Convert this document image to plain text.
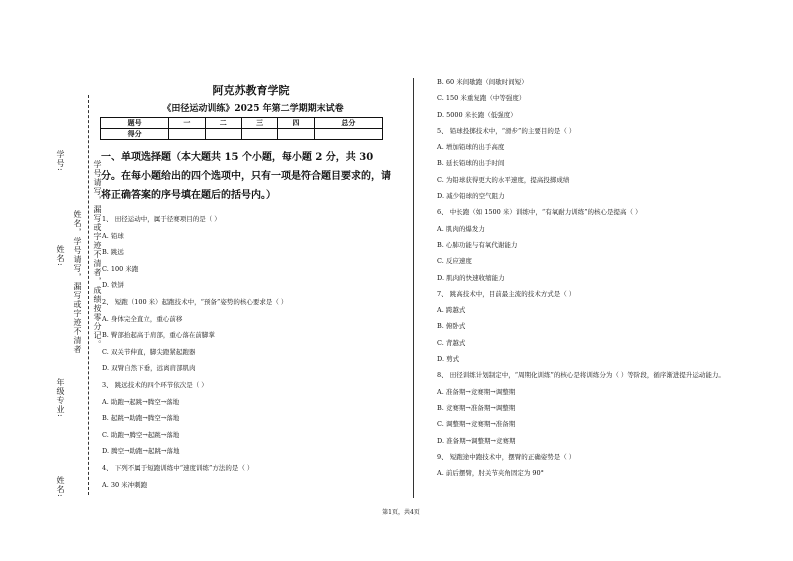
学号:
姓名:
年级专业:
姓名:
学号请写，漏写或字迹不清者，成绩按零分记。
姓名，学号请写，漏写或字迹不清者
阿克苏教育学院
《田径运动训练》2025 年第二学期期末试卷
题号	一	二	三	四	总分
得分					
一、单项选择题（本大题共 15 个小题，每小题 2 分，共 30 分。在每小题给出的四个选项中，只有一项是符合题目要求的，请将正确答案的序号填在题后的括号内。）

1、 田径运动中，属于径赛项目的是（ ）

A. 铅球

B. 跳远

C. 100 米跑

D. 铁饼

2、 短跑（100 米）起跑技术中，“预备”姿势的核心要求是（ ）

A. 身体完全直立，重心前移

B. 臀部抬起高于肩部，重心落在前脚掌

C. 双关节伸直，脚尖蹬紧起跑器

D. 双臂自然下垂，远离肩部肌肉

3、 跳远技术的四个环节依次是（ ）

A. 助跑→起跳→腾空→落地

B. 起跳→助跑→腾空→落地

C. 助跑→腾空→起跳→落地

D. 腾空→助跑→起跳→落地

4、 下列不属于短跑训练中“速度训练”方法的是（ ）

A. 30 米冲刺跑

B. 60 米间歇跑（间歇时间短）

C. 150 米重复跑（中等强度）

D. 5000 米长跑（低强度）

5、 铅球投掷技术中，“滑步”的主要目的是（ ）

A. 增加铅球的出手高度

B. 延长铅球的出手时间

C. 为铅球获得更大的水平速度，提高投掷成绩

D. 减少铅球的空气阻力

6、 中长跑（如 1500 米）训练中，“有氧耐力训练”的核心是提高（ ）

A. 肌肉的爆发力

B. 心肺功能与有氧代谢能力

C. 反应速度

D. 肌肉的快速收缩能力

7、 跳高技术中，目前最主流的技术方式是（ ）

A. 跨越式

B. 俯卧式

C. 背越式

D. 剪式

8、 田径训练计划制定中，“周期化训练”的核心是将训练分为（ ）等阶段，循序渐进提升运动能力。

A. 准备期→竞赛期→调整期

B. 竞赛期→准备期→调整期

C. 调整期→竞赛期→准备期

D. 准备期→调整期→竞赛期

9、 短跑途中跑技术中，摆臂的正确姿势是（ ）

A. 前后摆臂，肘关节夹角固定为 90°

第1页，共4页
